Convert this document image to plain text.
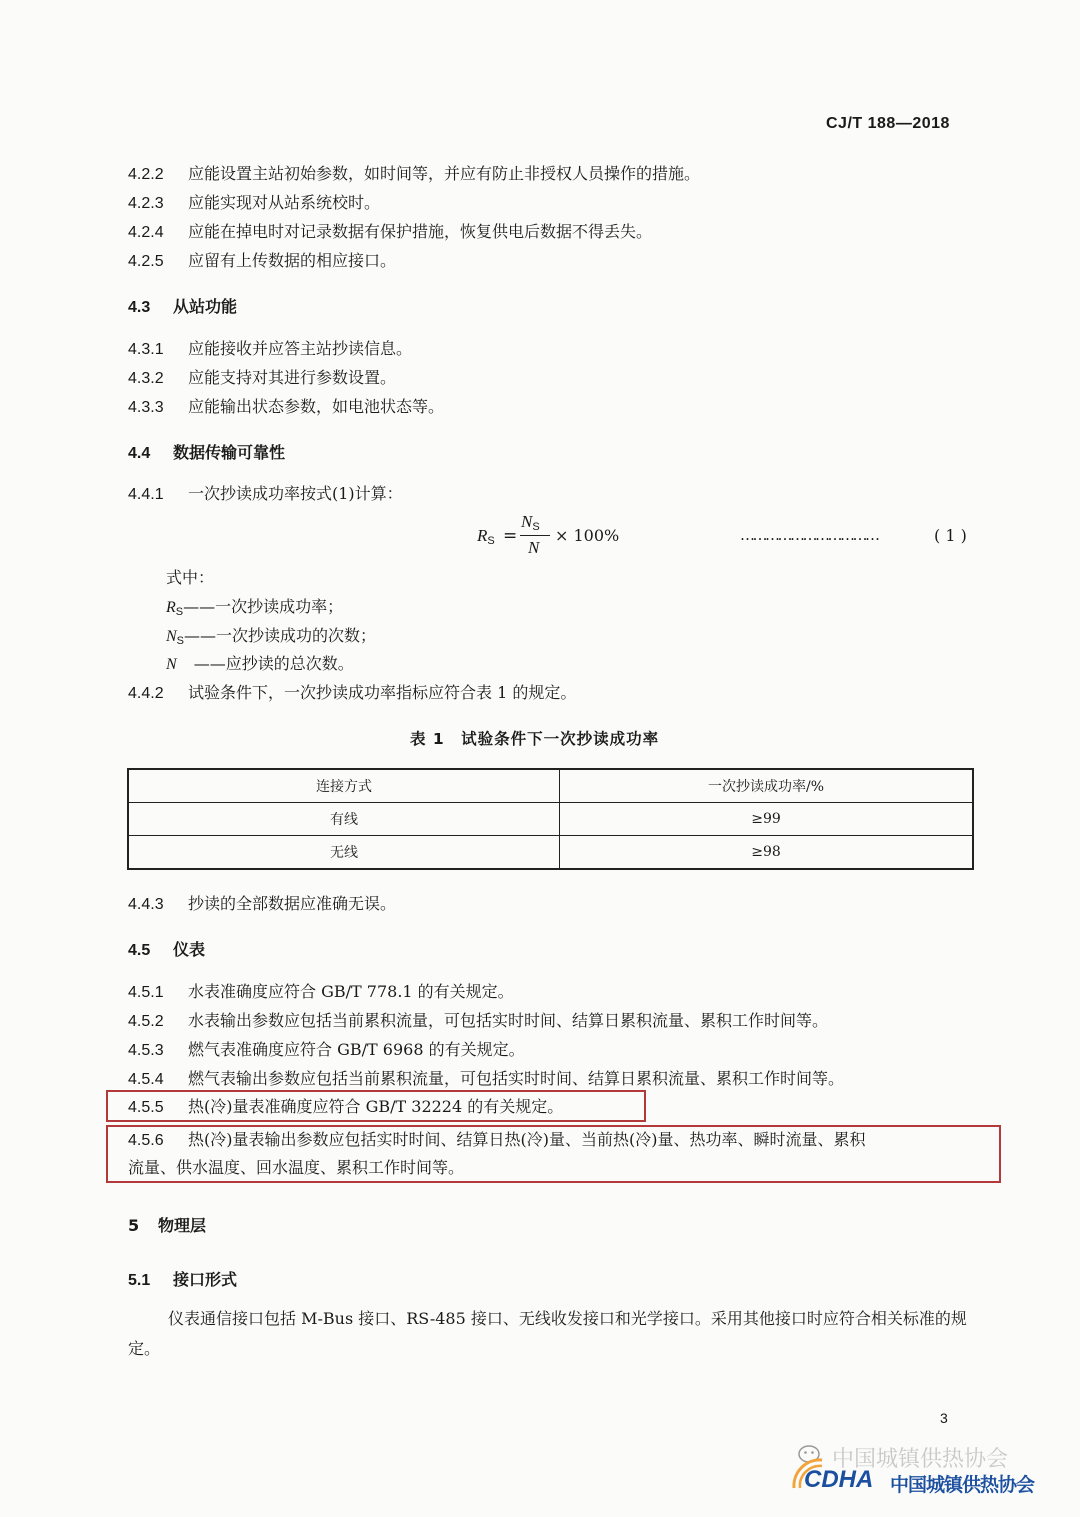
CJ/T 188—2018
4.2.2 应能设置主站初始参数，如时间等，并应有防止非授权人员操作的措施。
4.2.3 应能实现对从站系统校时。
4.2.4 应能在掉电时对记录数据有保护措施，恢复供电后数据不得丢失。
4.2.5 应留有上传数据的相应接口。
4.3 从站功能
4.3.1 应能接收并应答主站抄读信息。
4.3.2 应能支持对其进行参数设置。
4.3.3 应能输出状态参数，如电池状态等。
4.4 数据传输可靠性
4.4.1 一次抄读成功率按式(1)计算：
$R_S$ =
$N_S$
N
× 100%	……………………………	( 1 )
式中：
$R_S——$一次抄读成功率；
$N_S——$一次抄读成功的次数；
N ——应抄读的总次数。
4.4.2 试验条件下，一次抄读成功率指标应符合表 1 的规定。
表 1　试验条件下一次抄读成功率
连接方式	一次抄读成功率/%
有线	≥99
无线	≥98
4.4.3 抄读的全部数据应准确无误。
4.5 仪表
4.5.1 水表准确度应符合 GB/T 778.1 的有关规定。
4.5.2 水表输出参数应包括当前累积流量，可包括实时时间、结算日累积流量、累积工作时间等。
4.5.3 燃气表准确度应符合 GB/T 6968 的有关规定。
4.5.4 燃气表输出参数应包括当前累积流量，可包括实时时间、结算日累积流量、累积工作时间等。
4.5.5 热(冷)量表准确度应符合 GB/T 32224 的有关规定。
4.5.6 热(冷)量表输出参数应包括实时时间、结算日热(冷)量、当前热(冷)量、热功率、瞬时流量、累积
流量、供水温度、回水温度、累积工作时间等。
5 物理层
5.1 接口形式
仪表通信接口包括 M-Bus 接口、RS-485 接口、无线收发接口和光学接口。采用其他接口时应符合相关标准的规定。
3
中国城镇供热协会
CDHA 中国城镇供热协会
